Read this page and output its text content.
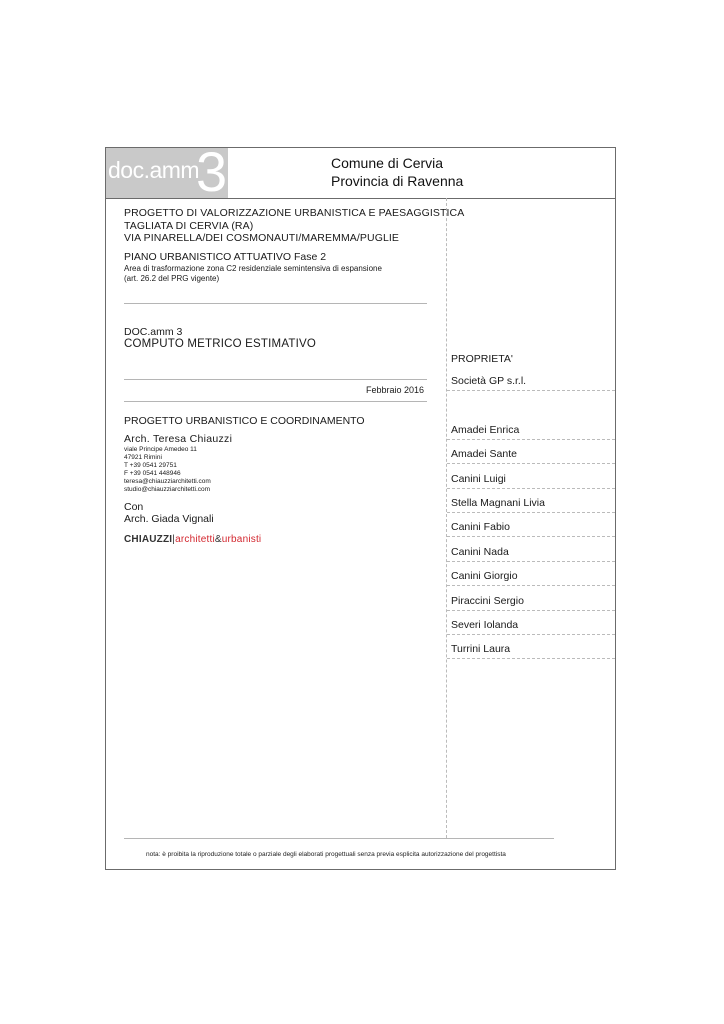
doc.amm
3	Comune di Cervia
Provincia di Ravenna
PROGETTO DI VALORIZZAZIONE URBANISTICA E PAESAGGISTICA
TAGLIATA DI CERVIA (RA)
VIA PINARELLA/DEI COSMONAUTI/MAREMMA/PUGLIE
PIANO URBANISTICO ATTUATIVO Fase 2
Area di trasformazione zona C2 residenziale semintensiva di espansione
(art. 26.2 del PRG vigente)
DOC.amm 3
COMPUTO METRICO ESTIMATIVO
Febbraio 2016
PROGETTO URBANISTICO E COORDINAMENTO
Arch. Teresa Chiauzzi
viale Principe Amedeo 11
47921 Rimini
T +39 0541 29751
F +39 0541 448946
teresa@chiauzziarchitetti.com
studio@chiauzziarchitetti.com
Con
Arch. Giada Vignali
CHIAUZZI|architetti&urbanisti
PROPRIETA'
Società GP s.r.l.
Amadei Enrica
Amadei Sante
Canini Luigi
Stella Magnani Livia
Canini Fabio
Canini Nada
Canini Giorgio
Piraccini Sergio
Severi Iolanda
Turrini Laura
nota: è proibita la riproduzione totale o parziale degli elaborati progettuali senza previa esplicita autorizzazione del progettista
